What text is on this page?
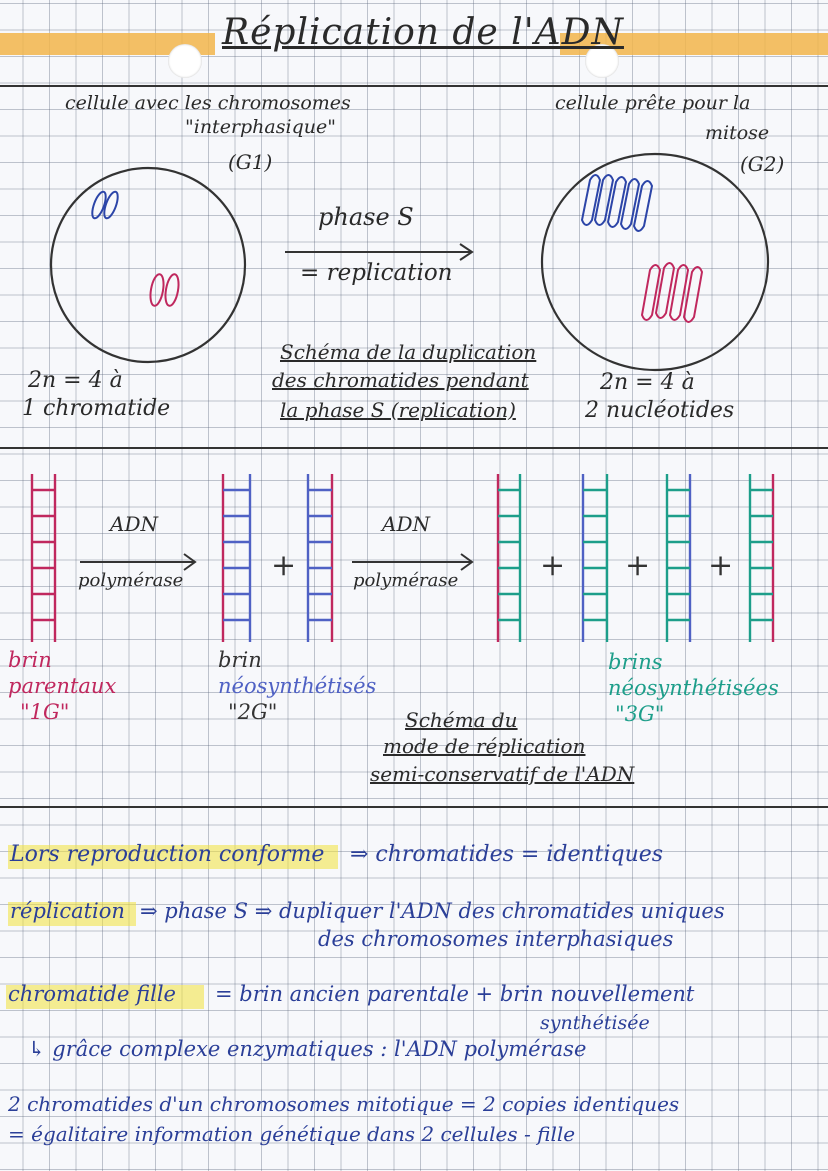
Réplication de l'ADN
cellule avec les chromosomes
"interphasique"
(G1)
cellule prête pour la
mitose
(G2)
phase S
= replication
2n = 4 à
1 chromatide
2n = 4 à
2 nucléotides
Schéma de la duplication
des chromatides pendant
la phase S (replication)
ADN
polymérase
ADN
polymérase
+	+ + +
brin
parentaux
"1G"
brin
néosynthétisés
"2G"
brins
néosynthétisées
"3G"
Schéma du
mode de réplication
semi-conservatif de l'ADN
Lors reproduction conforme ⇒ chromatides = identiques
réplication ⇒ phase S ⇒ dupliquer l'ADN des chromatides uniques
des chromosomes interphasiques
chromatide fille = brin ancien parentale + brin nouvellement
synthétisée
↳ grâce complexe enzymatiques : l'ADN polymérase
2 chromatides d'un chromosomes mitotique = 2 copies identiques
= égalitaire information génétique dans 2 cellules - fille
